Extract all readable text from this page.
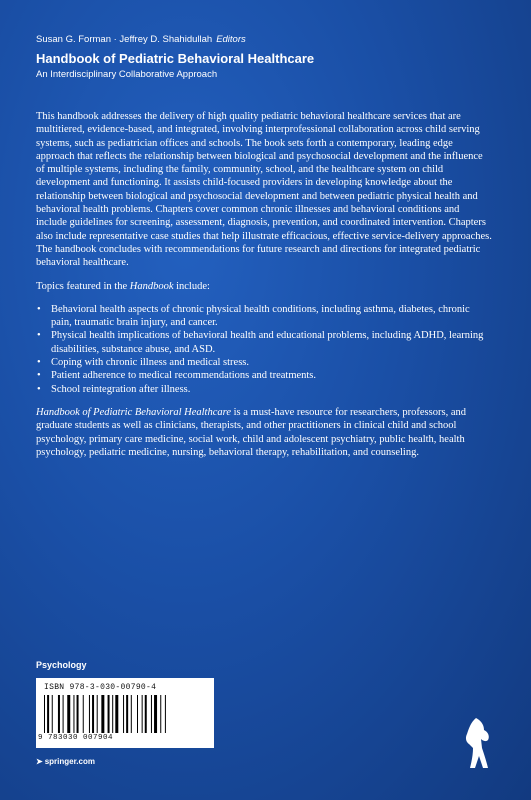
Susan G. Forman · Jeffrey D. Shahidullah Editors
Handbook of Pediatric Behavioral Healthcare
An Interdisciplinary Collaborative Approach

This handbook addresses the delivery of high quality pediatric behavioral healthcare services that are multitiered, evidence-based, and integrated, involving interprofessional collaboration across child serving systems, such as pediatrician offices and schools. The book sets forth a contemporary, leading edge approach that reflects the relationship between biological and psychosocial development and the influence of multiple systems, including the family, community, school, and the healthcare system on child development and functioning. It assists child-focused providers in developing knowledge about the relationship between biological and psychosocial development and between pediatric physical health and behavioral health problems. Chapters cover common chronic illnesses and behavioral conditions and include guidelines for screening, assessment, diagnosis, prevention, and coordinated intervention. Chapters also include representative case studies that help illustrate efficacious, effective service-delivery approaches. The handbook concludes with recommendations for future research and directions for integrated pediatric behavioral healthcare.

Topics featured in the Handbook include:

• Behavioral health aspects of chronic physical health conditions, including asthma, diabetes, chronic pain, traumatic brain injury, and cancer.
• Physical health implications of behavioral health and educational problems, including ADHD, learning disabilities, substance abuse, and ASD.
• Coping with chronic illness and medical stress.
• Patient adherence to medical recommendations and treatments.
• School reintegration after illness.

Handbook of Pediatric Behavioral Healthcare is a must-have resource for researchers, professors, and graduate students as well as clinicians, therapists, and other practitioners in clinical child and school psychology, primary care medicine, social work, child and adolescent psychiatry, public health, health psychology, pediatric medicine, nursing, behavioral therapy, rehabilitation, and counseling.

Psychology
ISBN 978-3-030-00790-4
9 783030 007904
➤ springer.com
